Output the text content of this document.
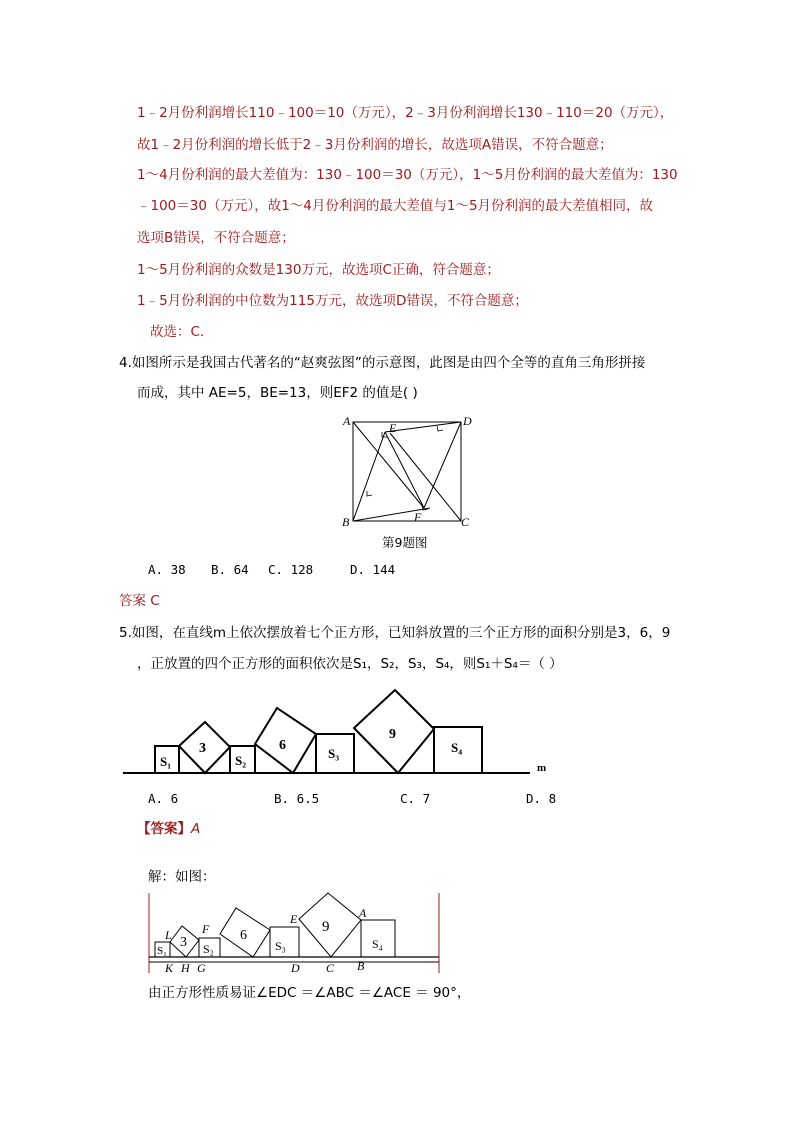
1﹣2月份利润增长110﹣100＝10（万元），2﹣3月份利润增长130﹣110＝20（万元），
故1﹣2月份利润的增长低于2﹣3月份利润的增长，故选项A错误，不符合题意；
1～4月份利润的最大差值为：130﹣100＝30（万元），1～5月份利润的最大差值为：130
﹣100＝30（万元），故1～4月份利润的最大差值与1～5月份利润的最大差值相同，故
选项B错误，不符合题意；
1～5月份利润的众数是130万元，故选项C正确，符合题意；
1﹣5月份利润的中位数为115万元，故选项D错误，不符合题意；
故选：C.
4.如图所示是我国古代著名的“赵爽弦图”的示意图，此图是由四个全等的直角三角形拼接
而成，其中 AE=5，BE=13，则EF2 的值是( )
A	D
E
B	F	C
第9题图
A. 38 B. 64 C. 128	D. 144
答案 C
5.如图，在直线m上依次摆放着七个正方形，已知斜放置的三个正方形的面积分别是3，6，9
，正放置的四个正方形的面积依次是S₁，S₂，S₃，S₄，则S₁＋S₄＝（ ）
S₁
3
S₂
6
S₃
9
S₄
m
A. 6	B. 6.5	C. 7	D. 8
【答案】A
解：如图：
L	F
E	A
S₁
3 S₂
6
S₃
9
S₄
K H G	D C B
由正方形性质易证∠EDC ＝∠ABC ＝∠ACE ＝ 90°，
